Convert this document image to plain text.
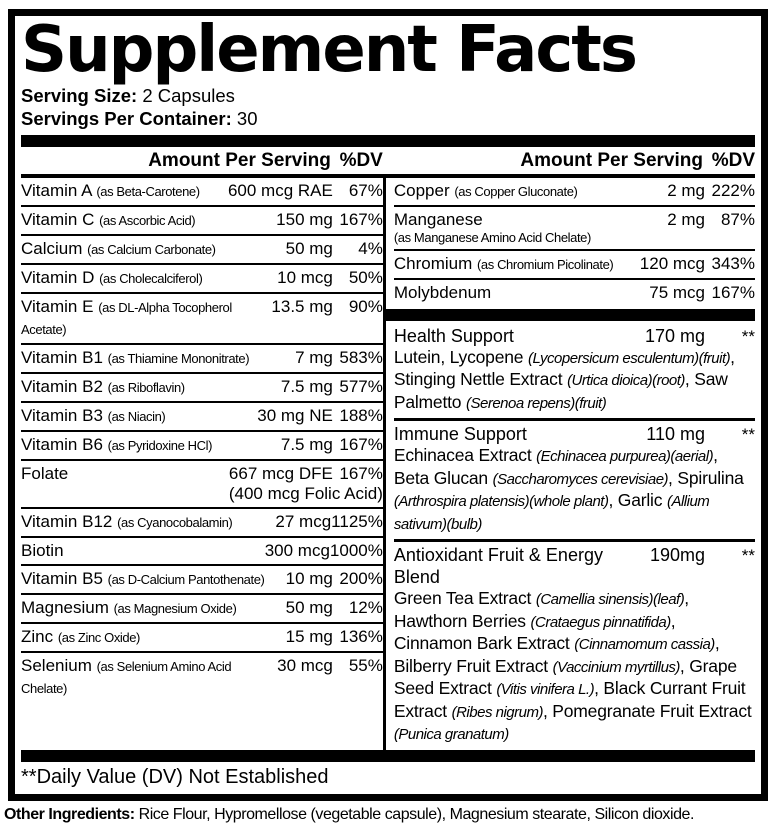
Supplement Facts
Serving Size: 2 Capsules
Servings Per Container: 30
Amount Per Serving %DV	Amount Per Serving %DV
Vitamin A (as Beta-Carotene)	600 mcg RAE 67%
Vitamin C (as Ascorbic Acid)	150 mg 167%
Calcium (as Calcium Carbonate)	50 mg	4%
Vitamin D (as Cholecalciferol)	10 mcg 50%
Vitamin E (as DL-Alpha Tocopherol Acetate)
13.5 mg 90%
Vitamin B1 (as Thiamine Mononitrate)	7 mg 583%
Vitamin B2 (as Riboflavin)	7.5 mg 577%
Vitamin B3 (as Niacin)	30 mg NE 188%
Vitamin B6 (as Pyridoxine HCl)	7.5 mg 167%
Folate	667 mcg DFE 167%
(400 mcg Folic Acid)
Vitamin B12 (as Cyanocobalamin)	27 mcg 1125%
Biotin	300 mcg 1000%
Vitamin B5 (as D-Calcium Pantothenate)	10 mg 200%
Magnesium (as Magnesium Oxide)	50 mg 12%
Zinc (as Zinc Oxide)	15 mg 136%
Selenium (as Selenium Amino Acid Chelate)
30 mcg 55%
Copper (as Copper Gluconate)	2 mg 222%
Manganese	2 mg 87%
(as Manganese Amino Acid Chelate)
Chromium (as Chromium Picolinate)	120 mcg 343%
Molybdenum	75 mcg 167%
Health Support	170 mg	**
Lutein, Lycopene (Lycopersicum esculentum)(fruit), Stinging Nettle Extract (Urtica dioica)(root), Saw Palmetto (Serenoa repens)(fruit)
Immune Support	110 mg	**
Echinacea Extract (Echinacea purpurea)(aerial), Beta Glucan (Saccharomyces cerevisiae), Spirulina (Arthrospira platensis)(whole plant), Garlic (Allium sativum)(bulb)
Antioxidant Fruit & Energy Blend
190mg	**
Green Tea Extract (Camellia sinensis)(leaf), Hawthorn Berries (Crataegus pinnatifida), Cinnamon Bark Extract (Cinnamomum cassia), Bilberry Fruit Extract (Vaccinium myrtillus), Grape Seed Extract (Vitis vinifera L.), Black Currant Fruit Extract (Ribes nigrum), Pomegranate Fruit Extract (Punica granatum)
**Daily Value (DV) Not Established
Other Ingredients: Rice Flour, Hypromellose (vegetable capsule), Magnesium stearate, Silicon dioxide.
